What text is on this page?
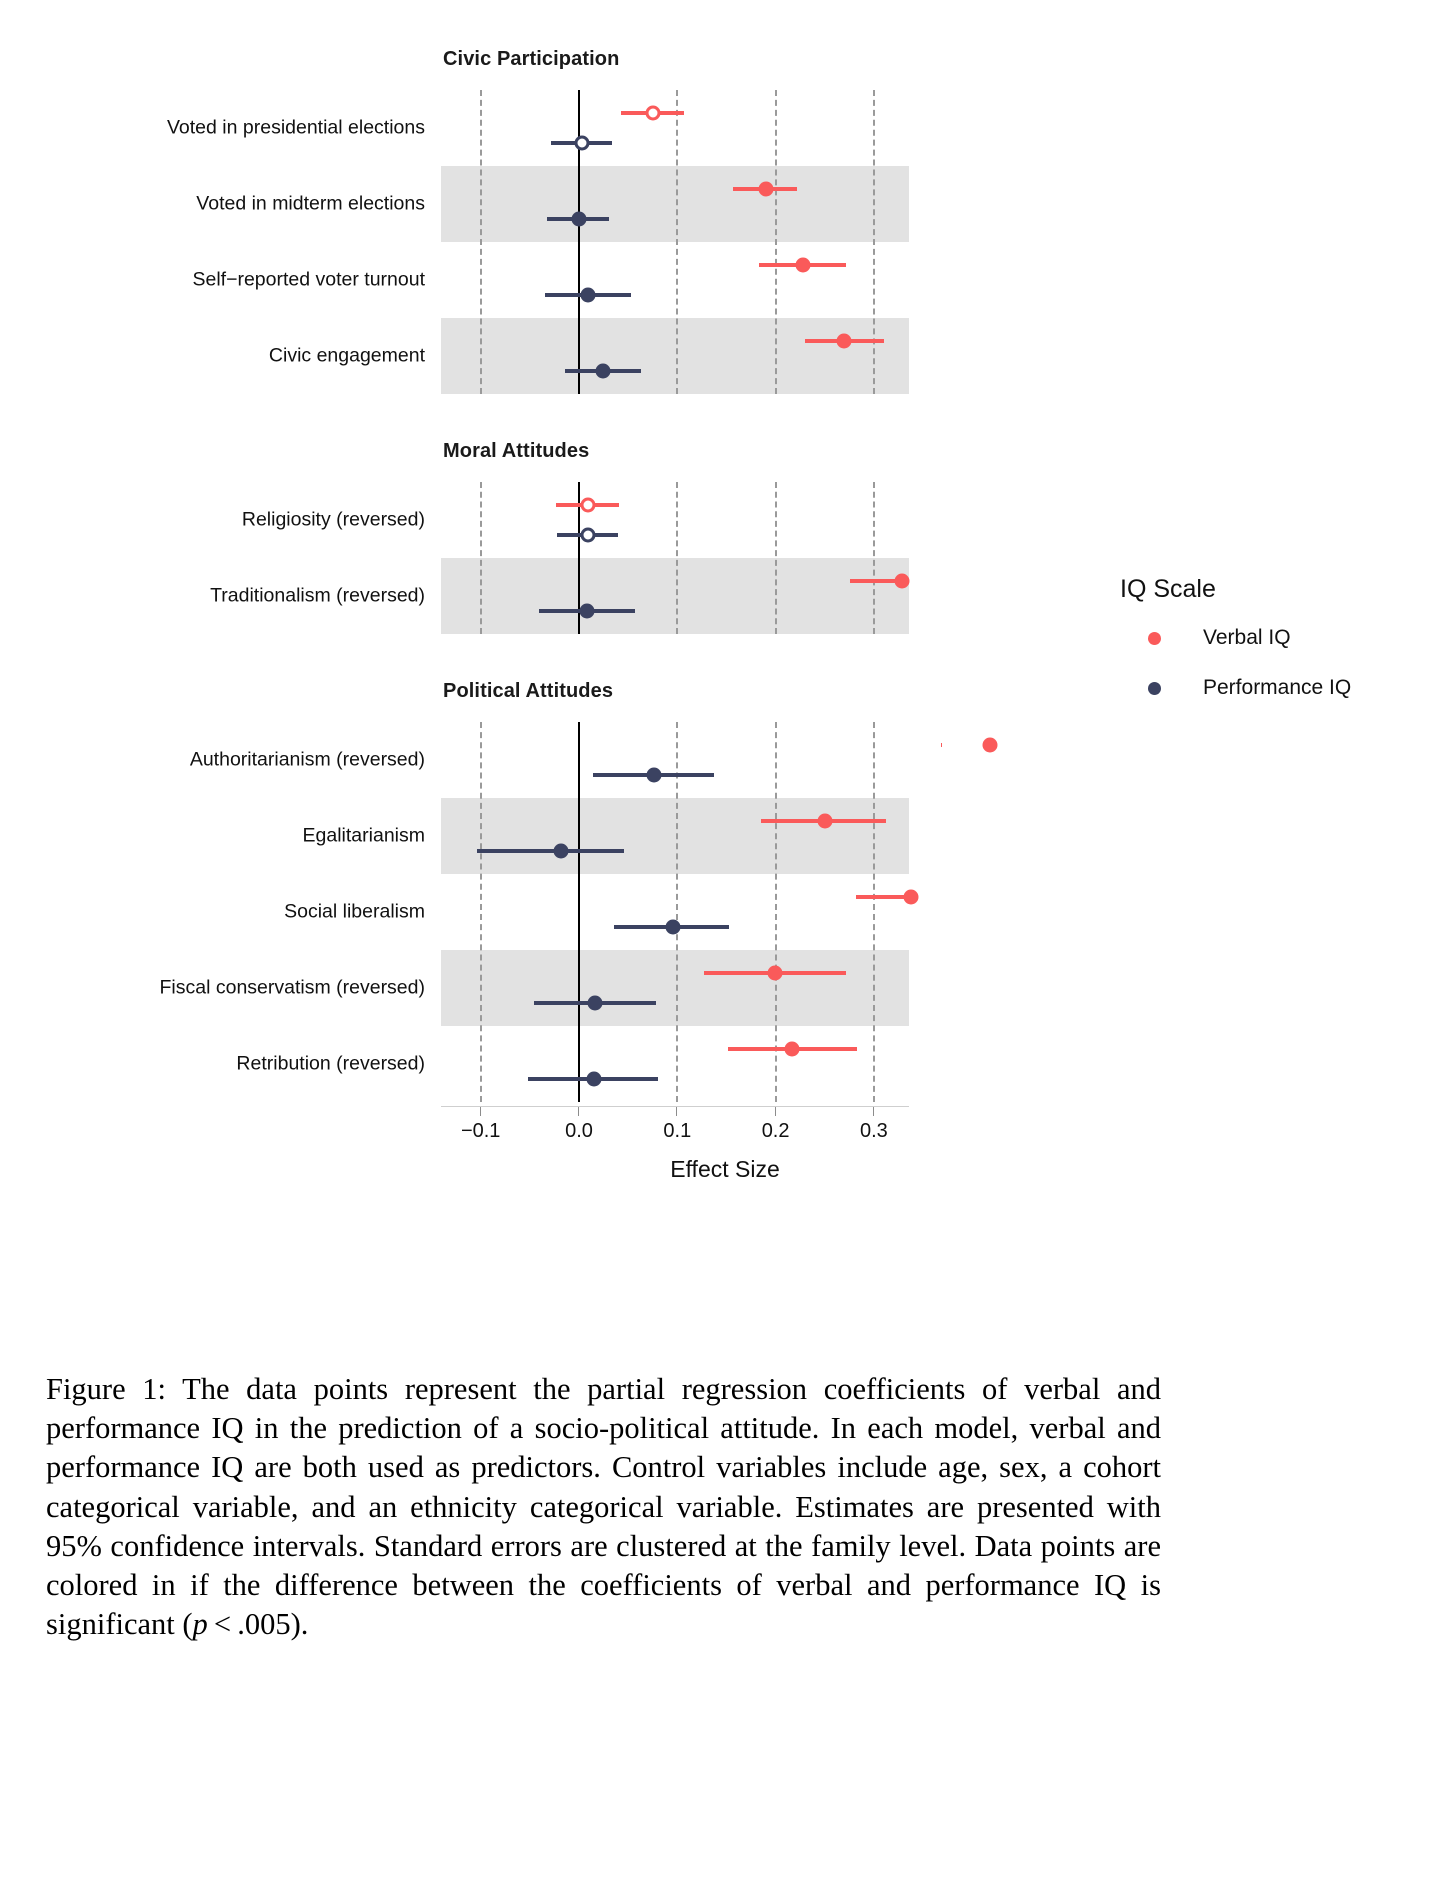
Civic Participation
Voted in presidential elections
Voted in midterm elections
Self−reported voter turnout
Civic engagement
Moral Attitudes
Religiosity (reversed)
Traditionalism (reversed)
Political Attitudes
Authoritarianism (reversed)
Egalitarianism
Social liberalism
Fiscal conservatism (reversed)
Retribution (reversed)
−0.1	0.0	0.1	0.2	0.3
Effect Size
IQ Scale
Verbal IQ
Performance IQ
Figure 1: The data points represent the partial regression coefficients of verbal and performance IQ in the prediction of a socio-political attitude. In each model, verbal and performance IQ are both used as predictors. Control variables include age, sex, a cohort categorical variable, and an ethnicity categorical variable. Estimates are presented with 95% confidence intervals. Standard errors are clustered at the family level. Data points are colored in if the difference between the coefficients of verbal and performance IQ is significant (p < .005).
